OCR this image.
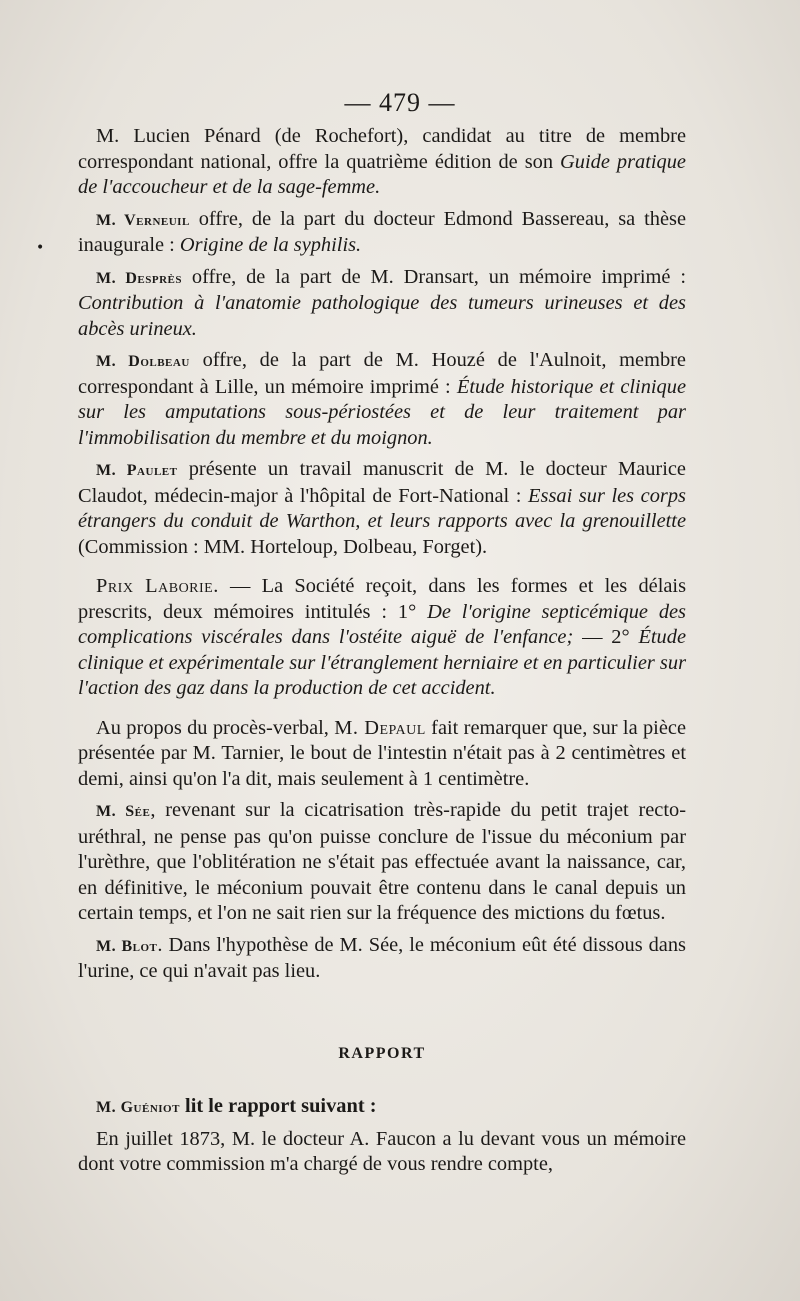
— 479 —
•

M. Lucien Pénard (de Rochefort), candidat au titre de membre correspondant national, offre la quatrième édition de son Guide pratique de l'accoucheur et de la sage-femme.

M. Verneuil offre, de la part du docteur Edmond Bassereau, sa thèse inaugurale : Origine de la syphilis.

M. Desprès offre, de la part de M. Dransart, un mémoire imprimé : Contribution à l'anatomie pathologique des tumeurs urineuses et des abcès urineux.

M. Dolbeau offre, de la part de M. Houzé de l'Aulnoit, membre correspondant à Lille, un mémoire imprimé : Étude historique et clinique sur les amputations sous-périostées et de leur traitement par l'immobilisation du membre et du moignon.

M. Paulet présente un travail manuscrit de M. le docteur Maurice Claudot, médecin-major à l'hôpital de Fort-National : Essai sur les corps étrangers du conduit de Warthon, et leurs rapports avec la grenouillette (Commission : MM. Horteloup, Dolbeau, Forget).

Prix Laborie. — La Société reçoit, dans les formes et les délais prescrits, deux mémoires intitulés : 1° De l'origine septicémique des complications viscérales dans l'ostéite aiguë de l'enfance; — 2° Étude clinique et expérimentale sur l'étranglement herniaire et en particulier sur l'action des gaz dans la production de cet accident.

Au propos du procès-verbal, M. Depaul fait remarquer que, sur la pièce présentée par M. Tarnier, le bout de l'intestin n'était pas à 2 centimètres et demi, ainsi qu'on l'a dit, mais seulement à 1 centimètre.

M. Sée, revenant sur la cicatrisation très-rapide du petit trajet recto-uréthral, ne pense pas qu'on puisse conclure de l'issue du méconium par l'urèthre, que l'oblitération ne s'était pas effectuée avant la naissance, car, en définitive, le méconium pouvait être contenu dans le canal depuis un certain temps, et l'on ne sait rien sur la fréquence des mictions du fœtus.

M. Blot. Dans l'hypothèse de M. Sée, le méconium eût été dissous dans l'urine, ce qui n'avait pas lieu.

RAPPORT

M. Guéniot lit le rapport suivant :

En juillet 1873, M. le docteur A. Faucon a lu devant vous un mémoire dont votre commission m'a chargé de vous rendre compte,
